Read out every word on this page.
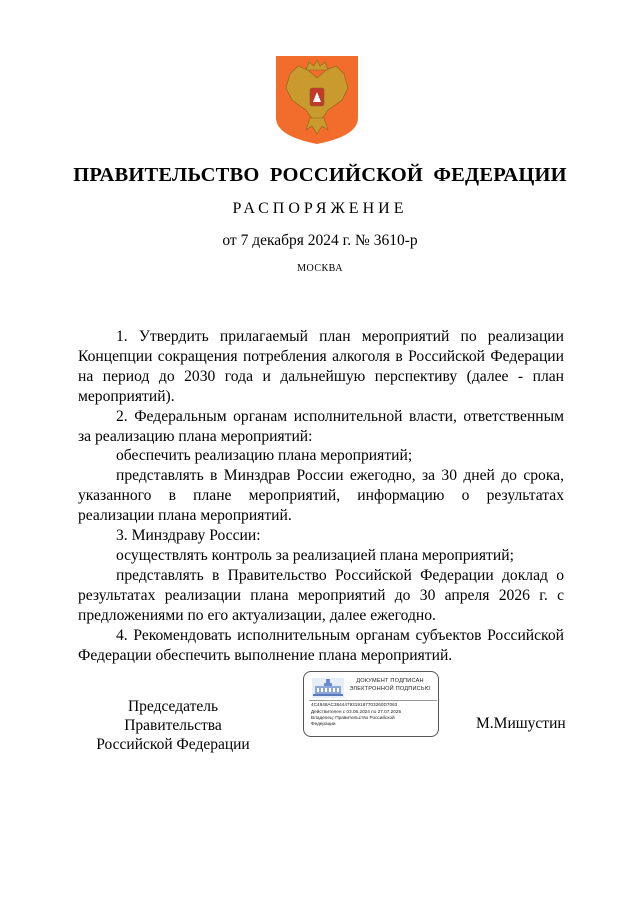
ПРАВИТЕЛЬСТВО РОССИЙСКОЙ ФЕДЕРАЦИИ
РАСПОРЯЖЕНИЕ
от 7 декабря 2024 г. № 3610-р
МОСКВА

1. Утвердить прилагаемый план мероприятий по реализации Концепции сокращения потребления алкоголя в Российской Федерации на период до 2030 года и дальнейшую перспективу (далее - план мероприятий).

2. Федеральным органам исполнительной власти, ответственным за реализацию плана мероприятий:

обеспечить реализацию плана мероприятий;

представлять в Минздрав России ежегодно, за 30 дней до срока, указанного в плане мероприятий, информацию о результатах реализации плана мероприятий.

3. Минздраву России:

осуществлять контроль за реализацией плана мероприятий;

представлять в Правительство Российской Федерации доклад о результатах реализации плана мероприятий до 30 апреля 2026 г. с предложениями по его актуализации, далее ежегодно.

4. Рекомендовать исполнительным органам субъектов Российской Федерации обеспечить выполнение плана мероприятий.

Председатель Правительства
Российской Федерации
ДОКУМЕНТ ПОДПИСАН
ЭЛЕКТРОННОЙ ПОДПИСЬЮ
4C4848AC3844479319187703260D7063
Действителен с 03.05.2024 по 27.07.2025
Владелец: Правительство Российской
Федерации	М.Мишустин
